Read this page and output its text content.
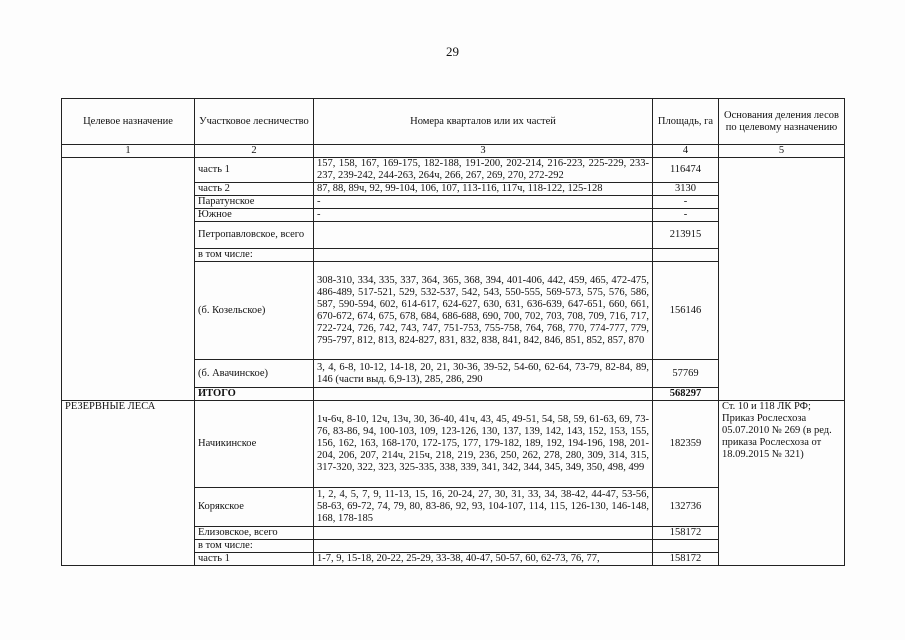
29
Целевое назначение	Участковое лесничество	Номера кварталов или их частей	Площадь, га	Основания деления лесов по целевому назначению
1	2	3	4	5
	часть 1	157, 158, 167, 169-175, 182-188, 191-200, 202-214, 216-223, 225-229, 233-237, 239-242, 244-263, 264ч, 266, 267, 269, 270, 272-292	116474	
	часть 2	87, 88, 89ч, 92, 99-104, 106, 107, 113-116, 117ч, 118-122, 125-128	3130	
	Паратунское	-	-	
	Южное	-	-	
	Петропавловское, всего		213915	
	в том числе:			
	(б. Козельское)	308-310, 334, 335, 337, 364, 365, 368, 394, 401-406, 442, 459, 465, 472-475, 486-489, 517-521, 529, 532-537, 542, 543, 550-555, 569-573, 575, 576, 586, 587, 590-594, 602, 614-617, 624-627, 630, 631, 636-639, 647-651, 660, 661, 670-672, 674, 675, 678, 684, 686-688, 690, 700, 702, 703, 708, 709, 716, 717, 722-724, 726, 742, 743, 747, 751-753, 755-758, 764, 768, 770, 774-777, 779, 795-797, 812, 813, 824-827, 831, 832, 838, 841, 842, 846, 851, 852, 857, 870	156146	
	(б. Авачинское)	3, 4, 6-8, 10-12, 14-18, 20, 21, 30-36, 39-52, 54-60, 62-64, 73-79, 82-84, 89, 146 (части выд. 6,9-13), 285, 286, 290	57769	
	ИТОГО		568297	
РЕЗЕРВНЫЕ ЛЕСА	Начикинское	1ч-6ч, 8-10, 12ч, 13ч, 30, 36-40, 41ч, 43, 45, 49-51, 54, 58, 59, 61-63, 69, 73-76, 83-86, 94, 100-103, 109, 123-126, 130, 137, 139, 142, 143, 152, 153, 155, 156, 162, 163, 168-170, 172-175, 177, 179-182, 189, 192, 194-196, 198, 201-204, 206, 207, 214ч, 215ч, 218, 219, 236, 250, 262, 278, 280, 309, 314, 315, 317-320, 322, 323, 325-335, 338, 339, 341, 342, 344, 345, 349, 350, 498, 499	182359	Ст. 10 и 118 ЛК РФ; Приказ Рослесхоза 05.07.2010 № 269 (в ред. приказа Рослесхоза от 18.09.2015 № 321)
	Корякское	1, 2, 4, 5, 7, 9, 11-13, 15, 16, 20-24, 27, 30, 31, 33, 34, 38-42, 44-47, 53-56, 58-63, 69-72, 74, 79, 80, 83-86, 92, 93, 104-107, 114, 115, 126-130, 146-148, 168, 178-185	132736	
	Елизовское, всего		158172	
	в том числе:			
	часть 1	1-7, 9, 15-18, 20-22, 25-29, 33-38, 40-47, 50-57, 60, 62-73, 76, 77,	158172	
